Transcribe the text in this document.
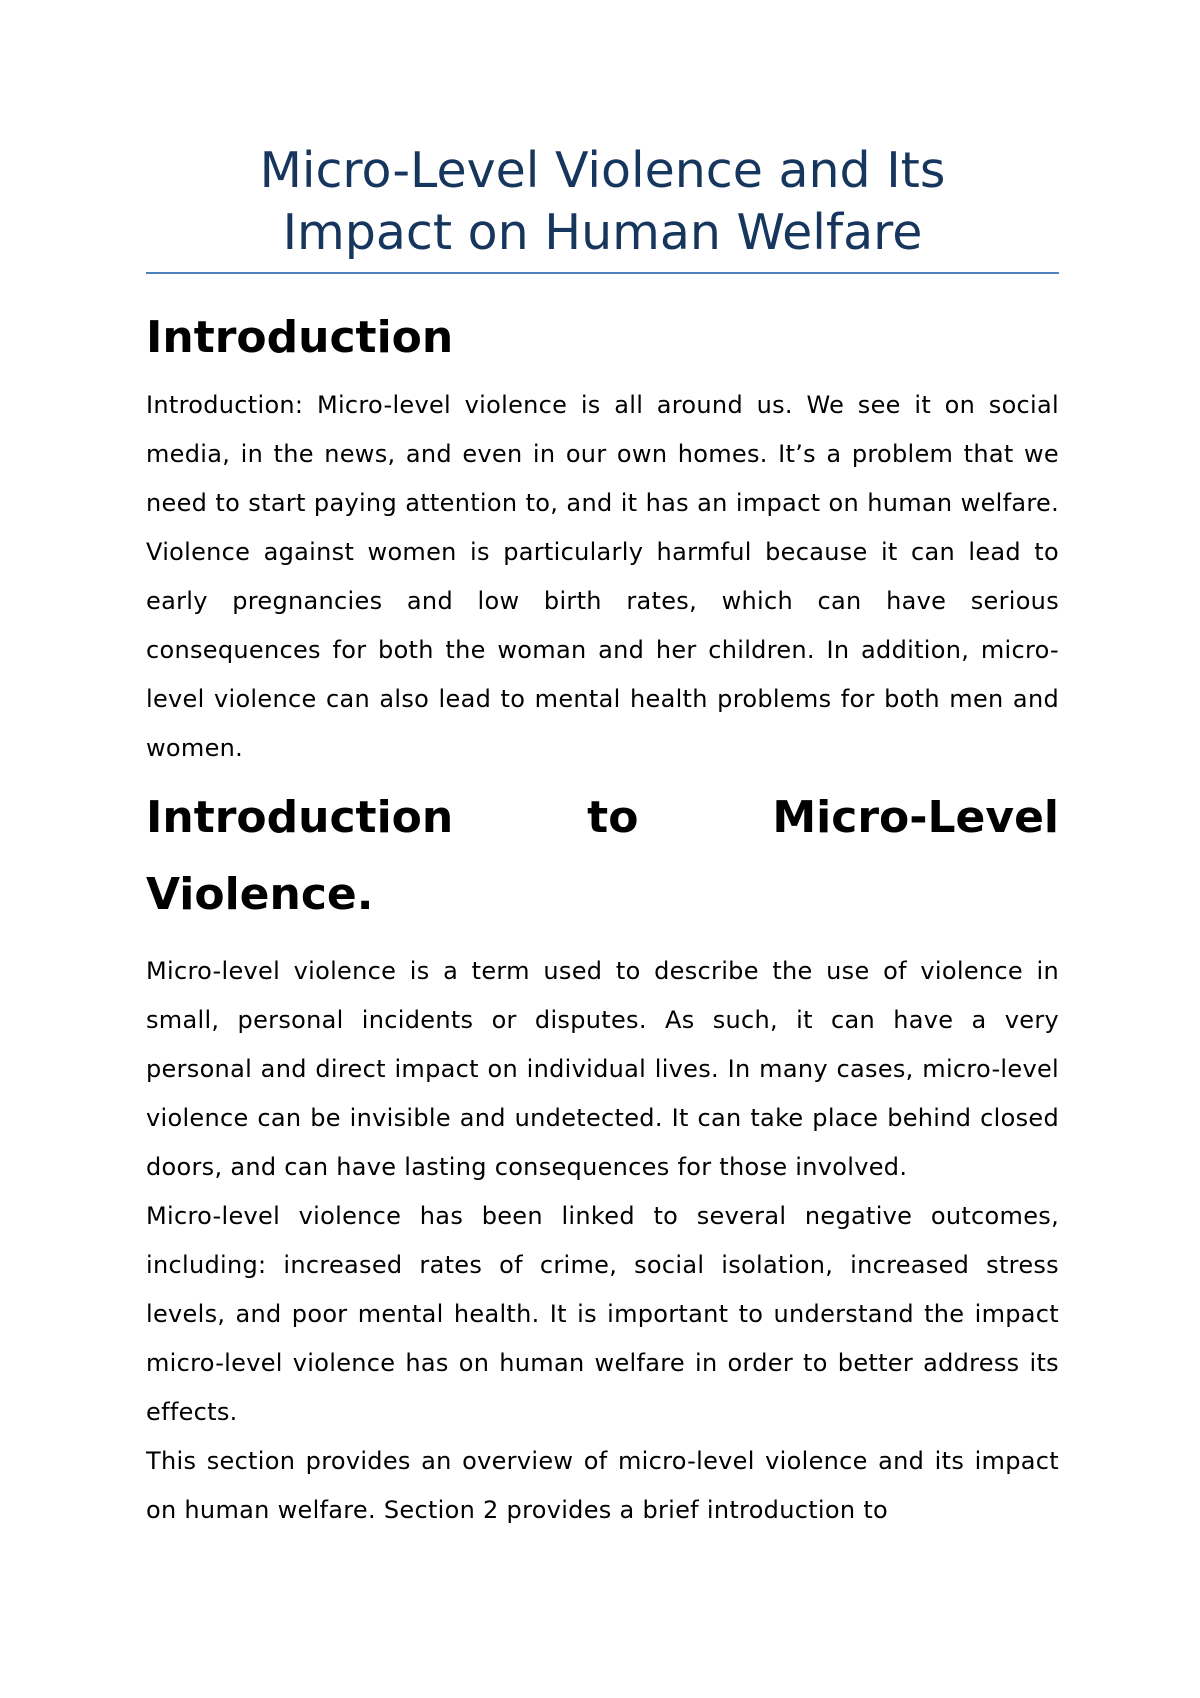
Micro-Level Violence and Its
Impact on Human Welfare
Introduction

Introduction: Micro-level violence is all around us. We see it on social media, in the news, and even in our own homes. It’s a problem that we need to start paying attention to, and it has an impact on human welfare. Violence against women is particularly harmful because it can lead to early pregnancies and low birth rates, which can have serious consequences for both the woman and her children. In addition, micro-level violence can also lead to mental health problems for both men and women.

Introduction	to	Micro-Level
Violence.

Micro-level violence is a term used to describe the use of violence in small, personal incidents or disputes. As such, it can have a very personal and direct impact on individual lives. In many cases, micro-level violence can be invisible and undetected. It can take place behind closed doors, and can have lasting consequences for those involved.

Micro-level violence has been linked to several negative outcomes, including: increased rates of crime, social isolation, increased stress levels, and poor mental health. It is important to understand the impact micro-level violence has on human welfare in order to better address its effects.

This section provides an overview of micro-level violence and its impact on human welfare. Section 2 provides a brief introduction to
